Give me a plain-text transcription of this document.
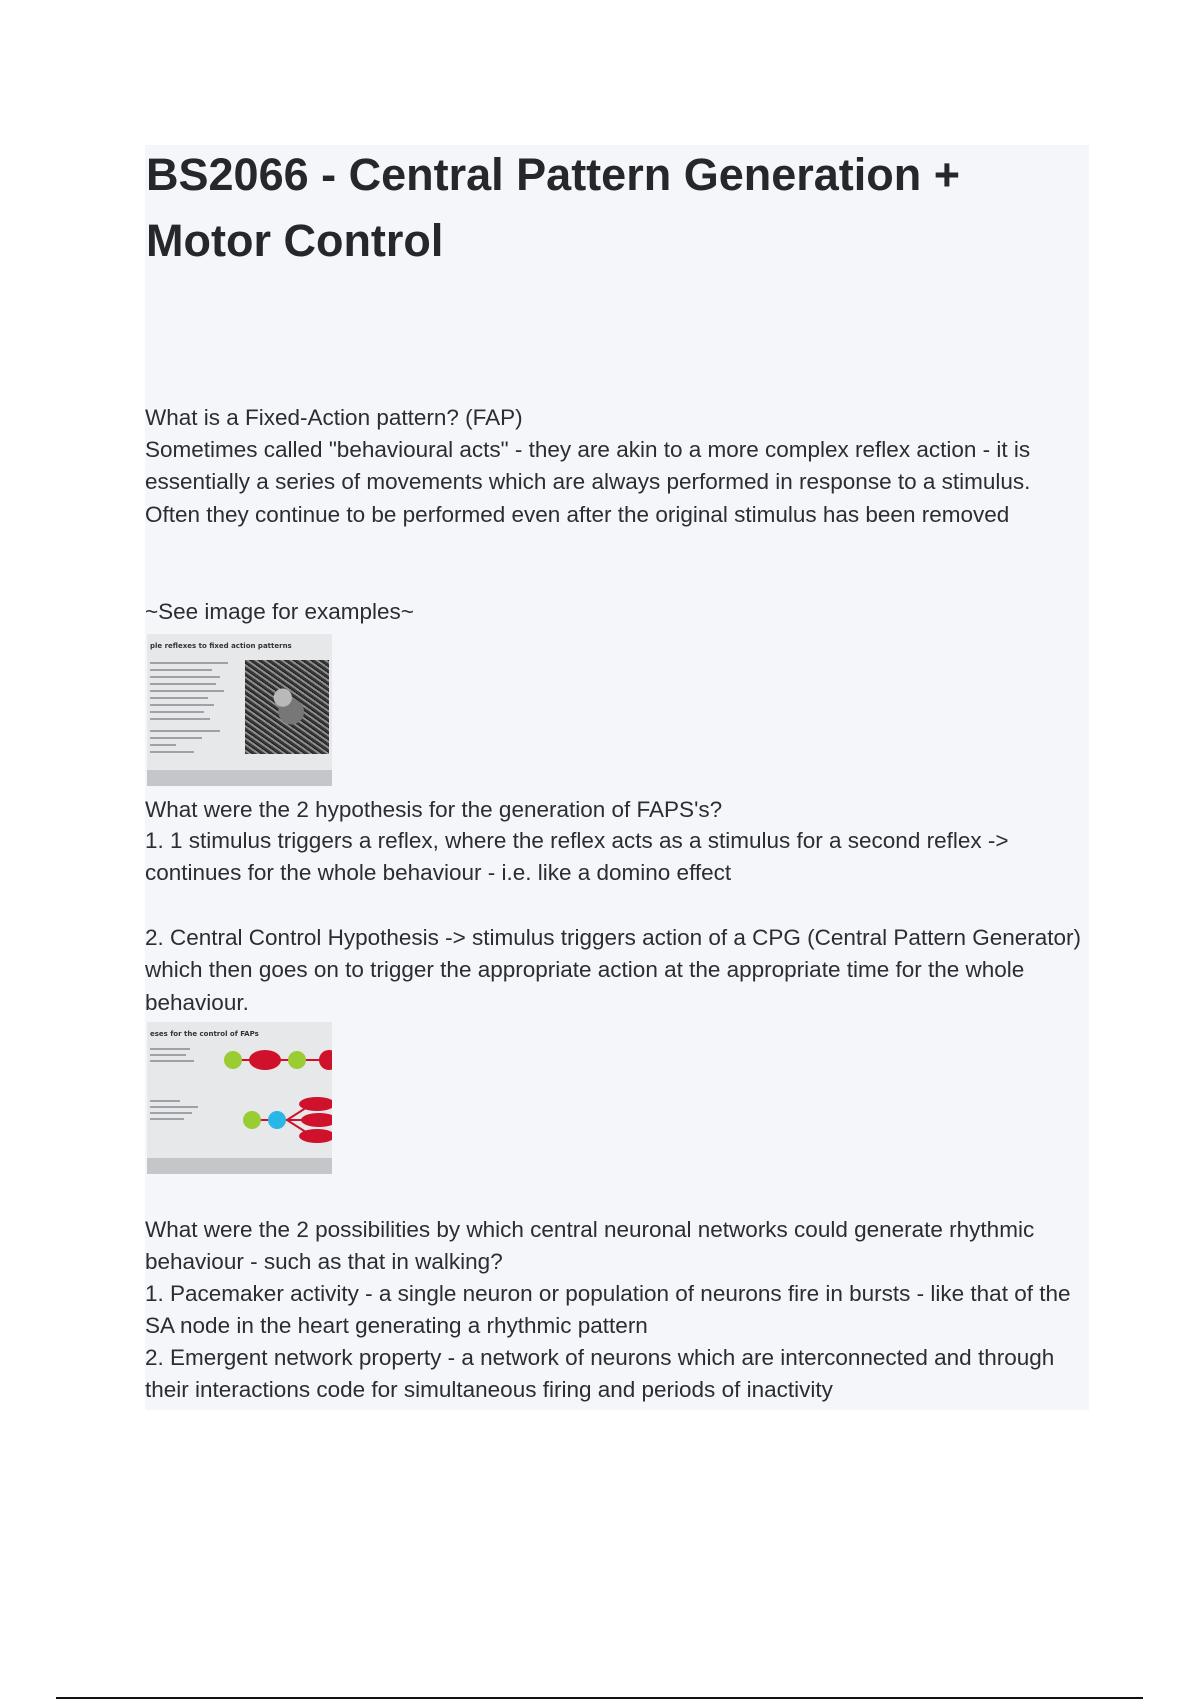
BS2066 - Central Pattern Generation + Motor Control

What is a Fixed-Action pattern? (FAP)

Sometimes called "behavioural acts" - they are akin to a more complex reflex action - it is essentially a series of movements which are always performed in response to a stimulus. Often they continue to be performed even after the original stimulus has been removed

~See image for examples~

ple reflexes to fixed action patterns

What were the 2 hypothesis for the generation of FAPS's?

1. 1 stimulus triggers a reflex, where the reflex acts as a stimulus for a second reflex -> continues for the whole behaviour - i.e. like a domino effect

2. Central Control Hypothesis -> stimulus triggers action of a CPG (Central Pattern Generator) which then goes on to trigger the appropriate action at the appropriate time for the whole behaviour.

eses for the control of FAPs

What were the 2 possibilities by which central neuronal networks could generate rhythmic behaviour - such as that in walking?

1. Pacemaker activity - a single neuron or population of neurons fire in bursts - like that of the SA node in the heart generating a rhythmic pattern

2. Emergent network property - a network of neurons which are interconnected and through their interactions code for simultaneous firing and periods of inactivity
